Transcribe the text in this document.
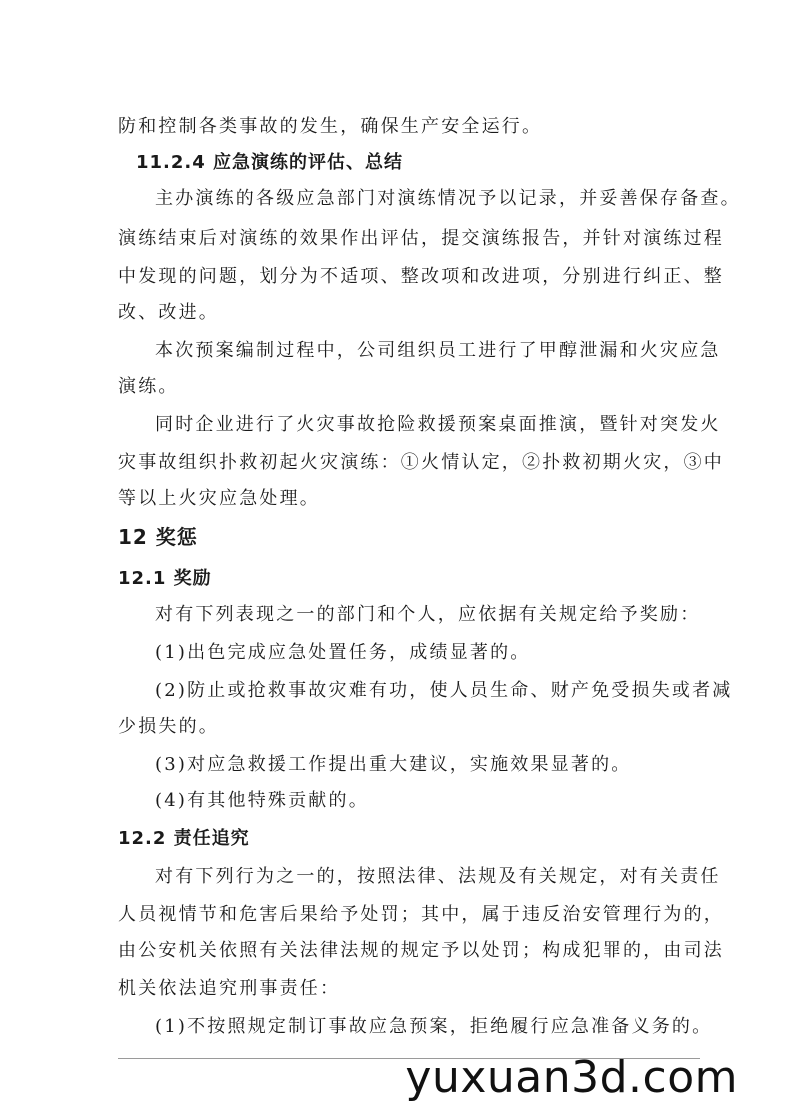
防和控制各类事故的发生，确保生产安全运行。
11.2.4 应急演练的评估、总结
主办演练的各级应急部门对演练情况予以记录，并妥善保存备查。
演练结束后对演练的效果作出评估，提交演练报告，并针对演练过程
中发现的问题，划分为不适项、整改项和改进项，分别进行纠正、整
改、改进。
本次预案编制过程中，公司组织员工进行了甲醇泄漏和火灾应急
演练。
同时企业进行了火灾事故抢险救援预案桌面推演，暨针对突发火
灾事故组织扑救初起火灾演练：①火情认定，②扑救初期火灾，③中
等以上火灾应急处理。
12 奖惩
12.1 奖励
对有下列表现之一的部门和个人，应依据有关规定给予奖励：
(1)出色完成应急处置任务，成绩显著的。
(2)防止或抢救事故灾难有功，使人员生命、财产免受损失或者减
少损失的。
(3)对应急救援工作提出重大建议，实施效果显著的。
(4)有其他特殊贡献的。
12.2 责任追究
对有下列行为之一的，按照法律、法规及有关规定，对有关责任
人员视情节和危害后果给予处罚；其中，属于违反治安管理行为的，
由公安机关依照有关法律法规的规定予以处罚；构成犯罪的，由司法
机关依法追究刑事责任：
(1)不按照规定制订事故应急预案，拒绝履行应急准备义务的。
yuxuan3d.com
